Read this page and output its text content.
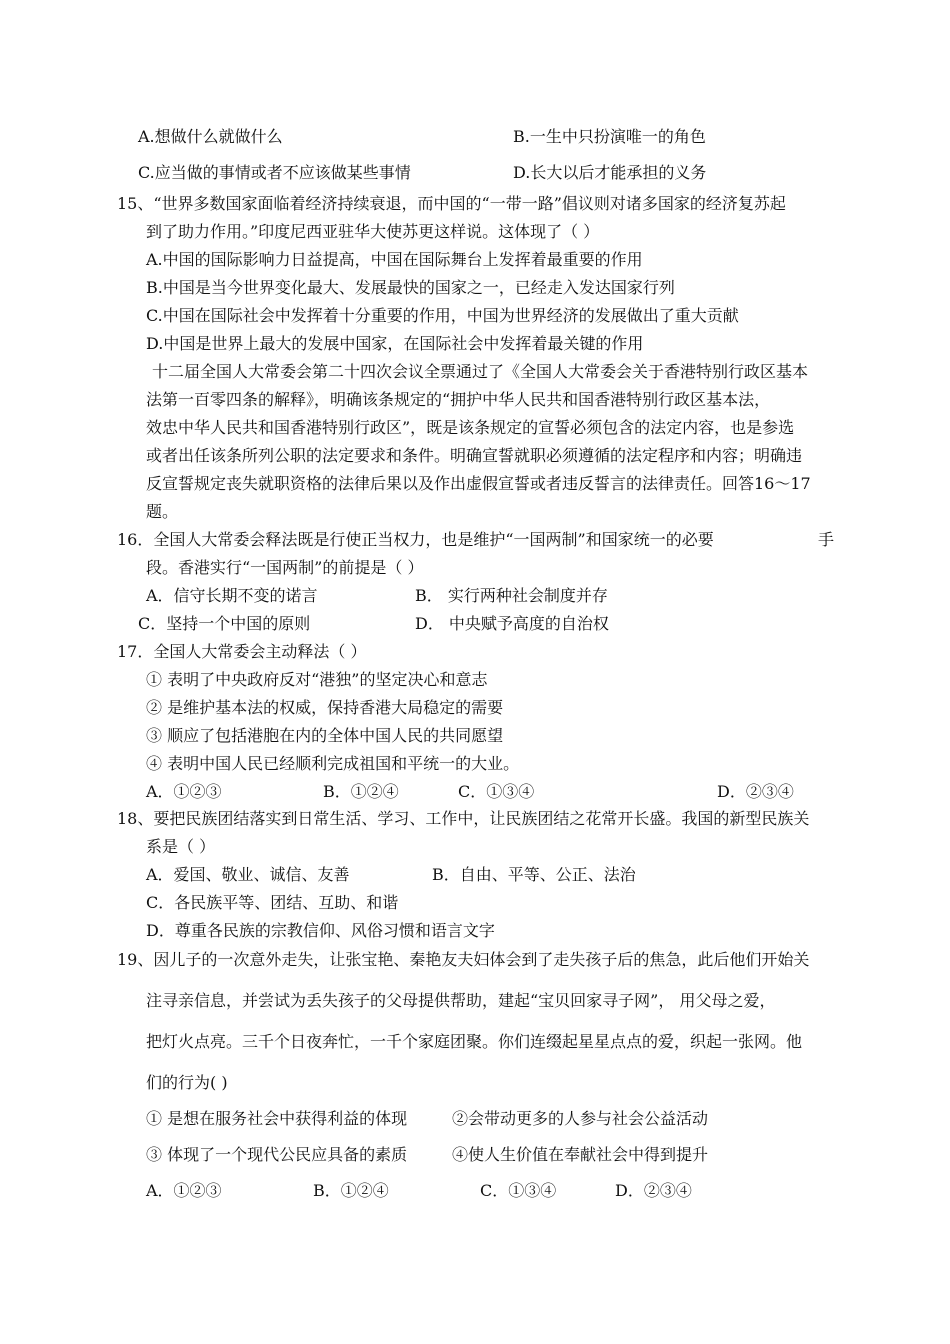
A.想做什么就做什么	B.一生中只扮演唯一的角色
C.应当做的事情或者不应该做某些事情	D.长大以后才能承担的义务
15、“世界多数国家面临着经济持续衰退，而中国的“一带一路”倡议则对诸多国家的经济复苏起
到了助力作用。”印度尼西亚驻华大使苏更这样说。这体现了（ ）
A.中国的国际影响力日益提高，中国在国际舞台上发挥着最重要的作用
B.中国是当今世界变化最大、发展最快的国家之一，已经走入发达国家行列
C.中国在国际社会中发挥着十分重要的作用，中国为世界经济的发展做出了重大贡献
D.中国是世界上最大的发展中国家，在国际社会中发挥着最关键的作用
十二届全国人大常委会第二十四次会议全票通过了《全国人大常委会关于香港特别行政区基本
法第一百零四条的解释》，明确该条规定的“拥护中华人民共和国香港特别行政区基本法，
效忠中华人民共和国香港特别行政区”，既是该条规定的宣誓必须包含的法定内容，也是参选
或者出任该条所列公职的法定要求和条件。明确宣誓就职必须遵循的法定程序和内容；明确违
反宣誓规定丧失就职资格的法律后果以及作出虚假宣誓或者违反誓言的法律责任。回答16～17
题。
16．全国人大常委会释法既是行使正当权力，也是维护“一国两制”和国家统一的必要	手
段。香港实行“一国两制”的前提是（ ）
A．信守长期不变的诺言	B． 实行两种社会制度并存
C．坚持一个中国的原则	D． 中央赋予高度的自治权
17．全国人大常委会主动释法（ ）
① 表明了中央政府反对“港独”的坚定决心和意志
② 是维护基本法的权威，保持香港大局稳定的需要
③ 顺应了包括港胞在内的全体中国人民的共同愿望
④ 表明中国人民已经顺利完成祖国和平统一的大业。
A．①②③	B．①②④	C．①③④	D．②③④
18、要把民族团结落实到日常生活、学习、工作中，让民族团结之花常开长盛。我国的新型民族关
系是（ ）
A．爱国、敬业、诚信、友善	B．自由、平等、公正、法治
C．各民族平等、团结、互助、和谐
D．尊重各民族的宗教信仰、风俗习惯和语言文字
19、因儿子的一次意外走失，让张宝艳、秦艳友夫妇体会到了走失孩子后的焦急，此后他们开始关
注寻亲信息，并尝试为丢失孩子的父母提供帮助，建起“宝贝回家寻子网”， 用父母之爱，
把灯火点亮。三千个日夜奔忙，一千个家庭团聚。你们连缀起星星点点的爱，织起一张网。他
们的行为( )
① 是想在服务社会中获得利益的体现	②会带动更多的人参与社会公益活动
③ 体现了一个现代公民应具备的素质	④使人生价值在奉献社会中得到提升
A．①②③	B．①②④	C．①③④	D．②③④
